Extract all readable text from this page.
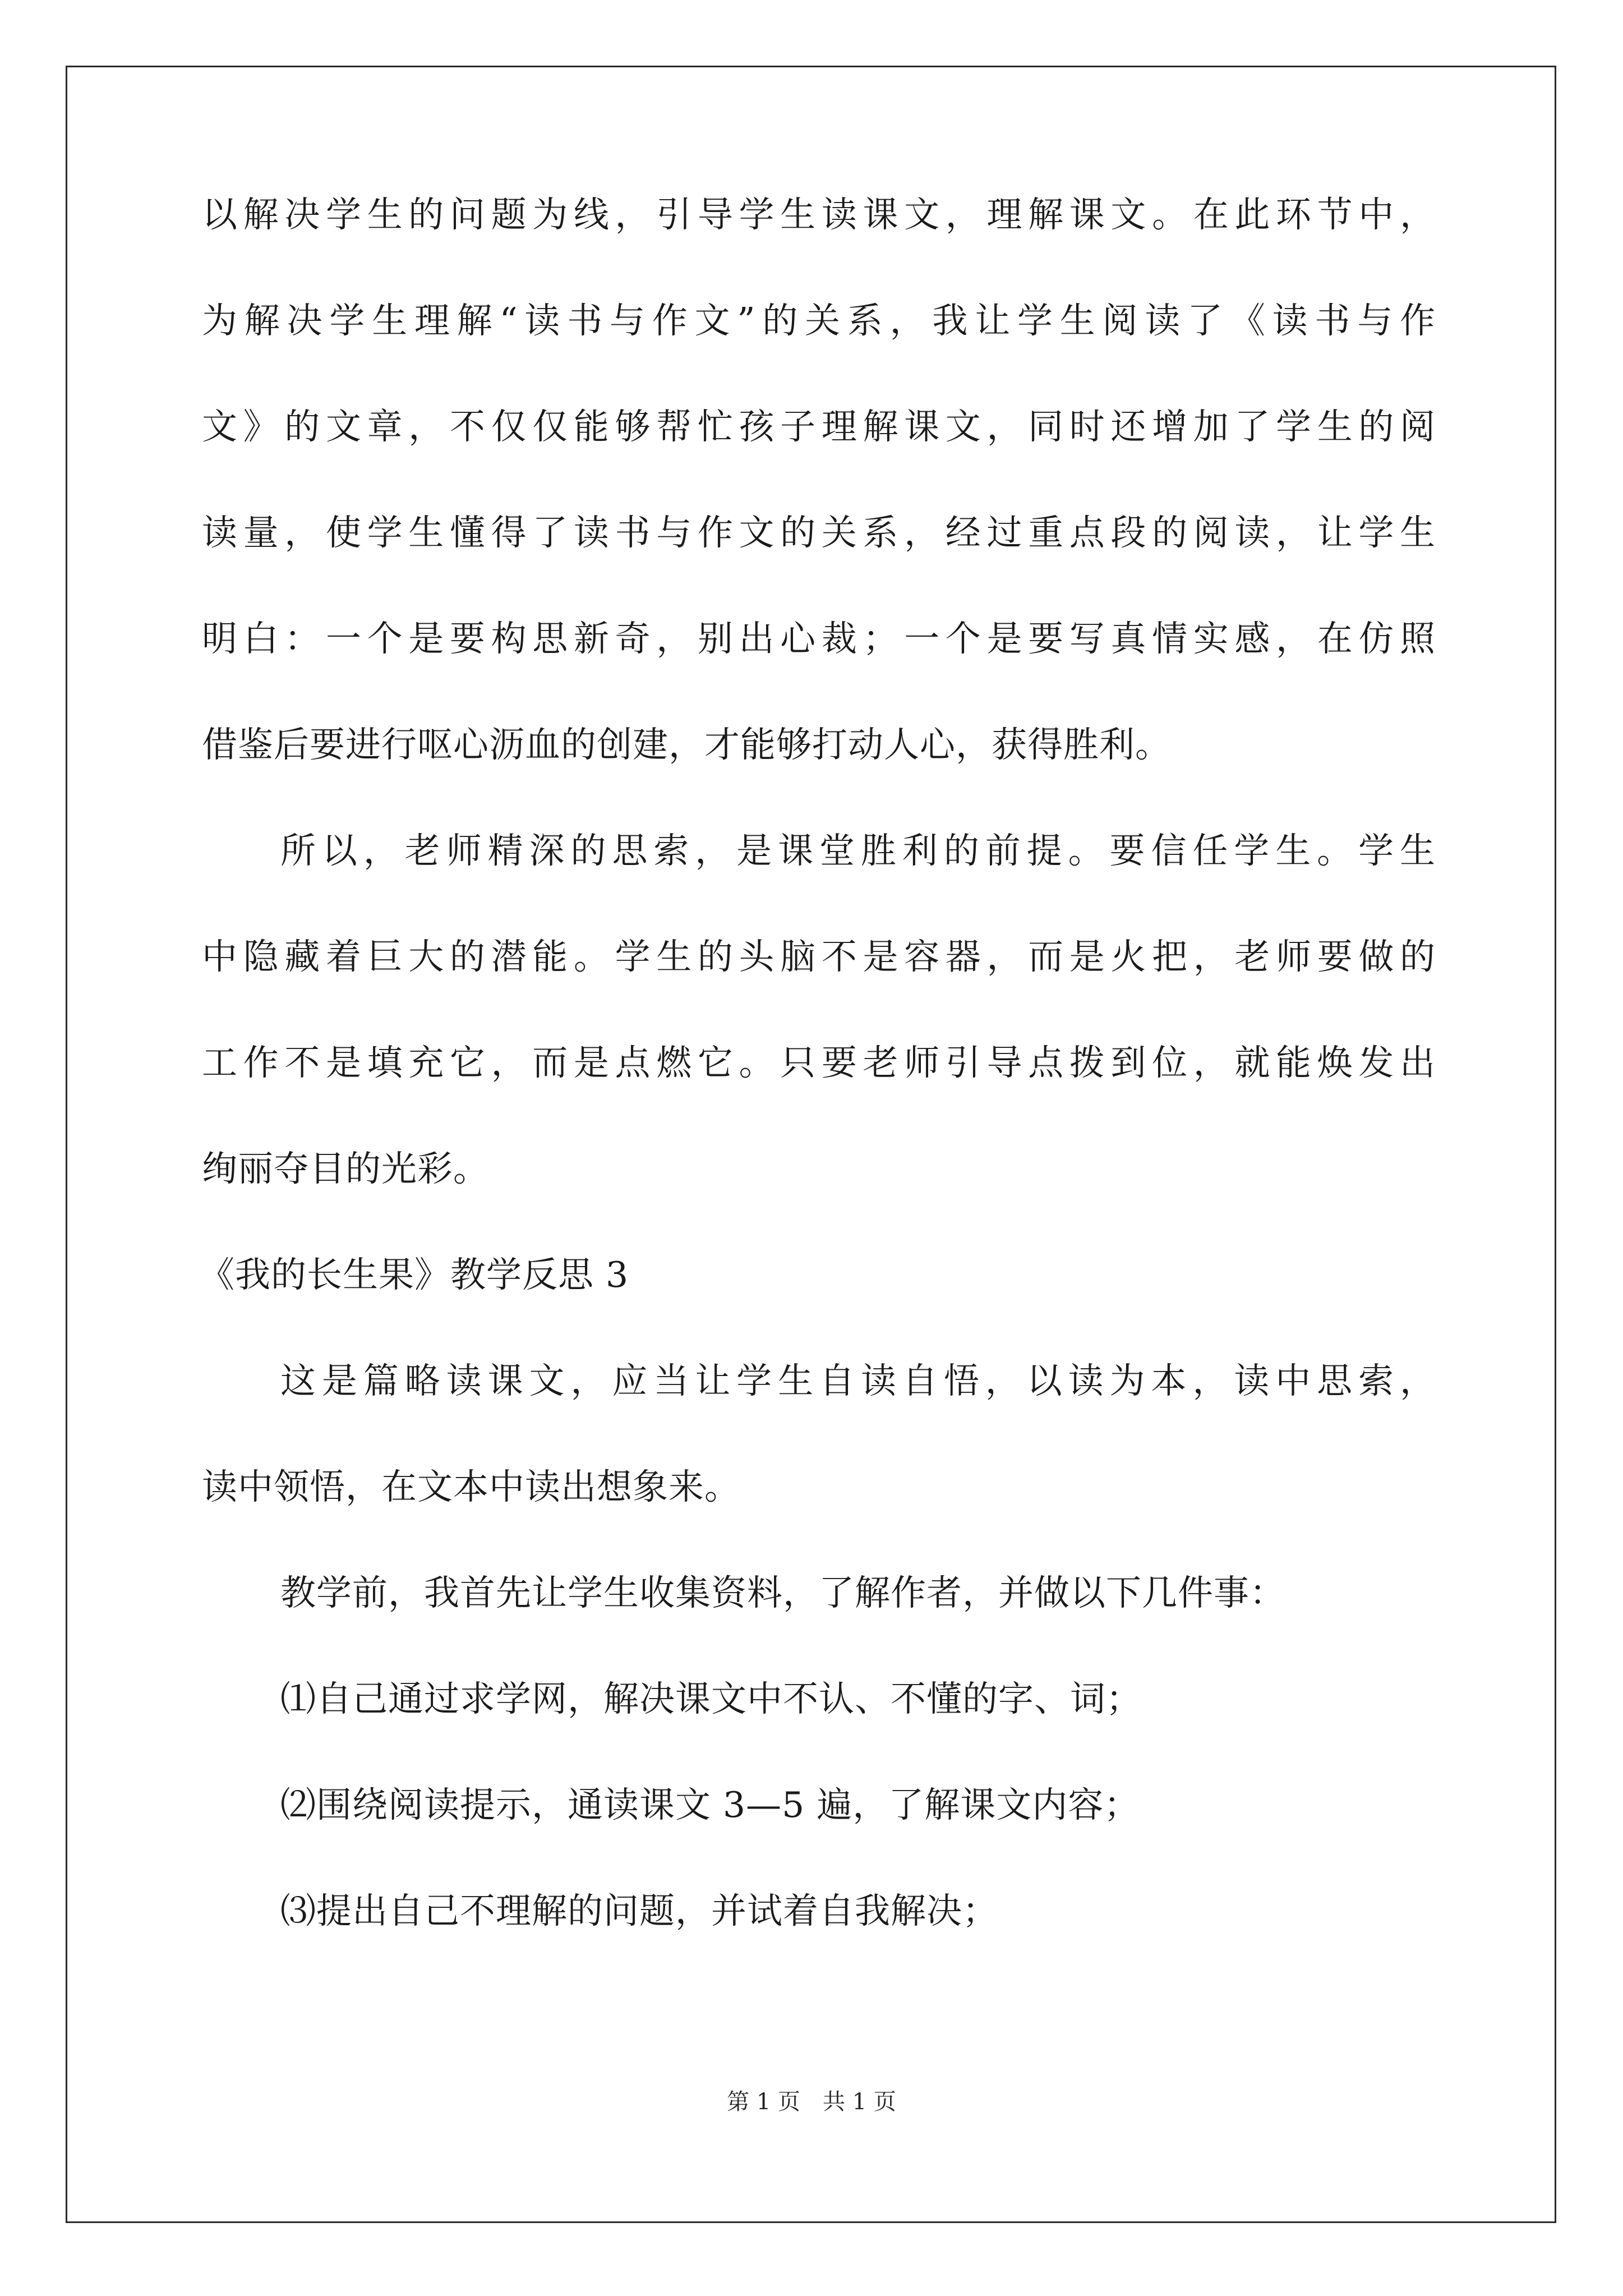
以解决学生的问题为线，引导学生读课文，理解课文。在此环节中，
为解决学生理解“读书与作文”的关系，我让学生阅读了《读书与作
文》的文章，不仅仅能够帮忙孩子理解课文，同时还增加了学生的阅
读量，使学生懂得了读书与作文的关系，经过重点段的阅读，让学生
明白：一个是要构思新奇，别出心裁；一个是要写真情实感，在仿照
借鉴后要进行呕心沥血的创建，才能够打动人心，获得胜利。
所以，老师精深的思索，是课堂胜利的前提。要信任学生。学生
中隐藏着巨大的潜能。学生的头脑不是容器，而是火把，老师要做的
工作不是填充它，而是点燃它。只要老师引导点拨到位，就能焕发出
绚丽夺目的光彩。
《我的长生果》教学反思 3
这是篇略读课文，应当让学生自读自悟，以读为本，读中思索，
读中领悟，在文本中读出想象来。
教学前，我首先让学生收集资料，了解作者，并做以下几件事：
⑴自己通过求学网，解决课文中不认、不懂的字、词；
⑵围绕阅读提示，通读课文 3—5 遍，了解课文内容；
⑶提出自己不理解的问题，并试着自我解决；
第 1 页　共 1 页
